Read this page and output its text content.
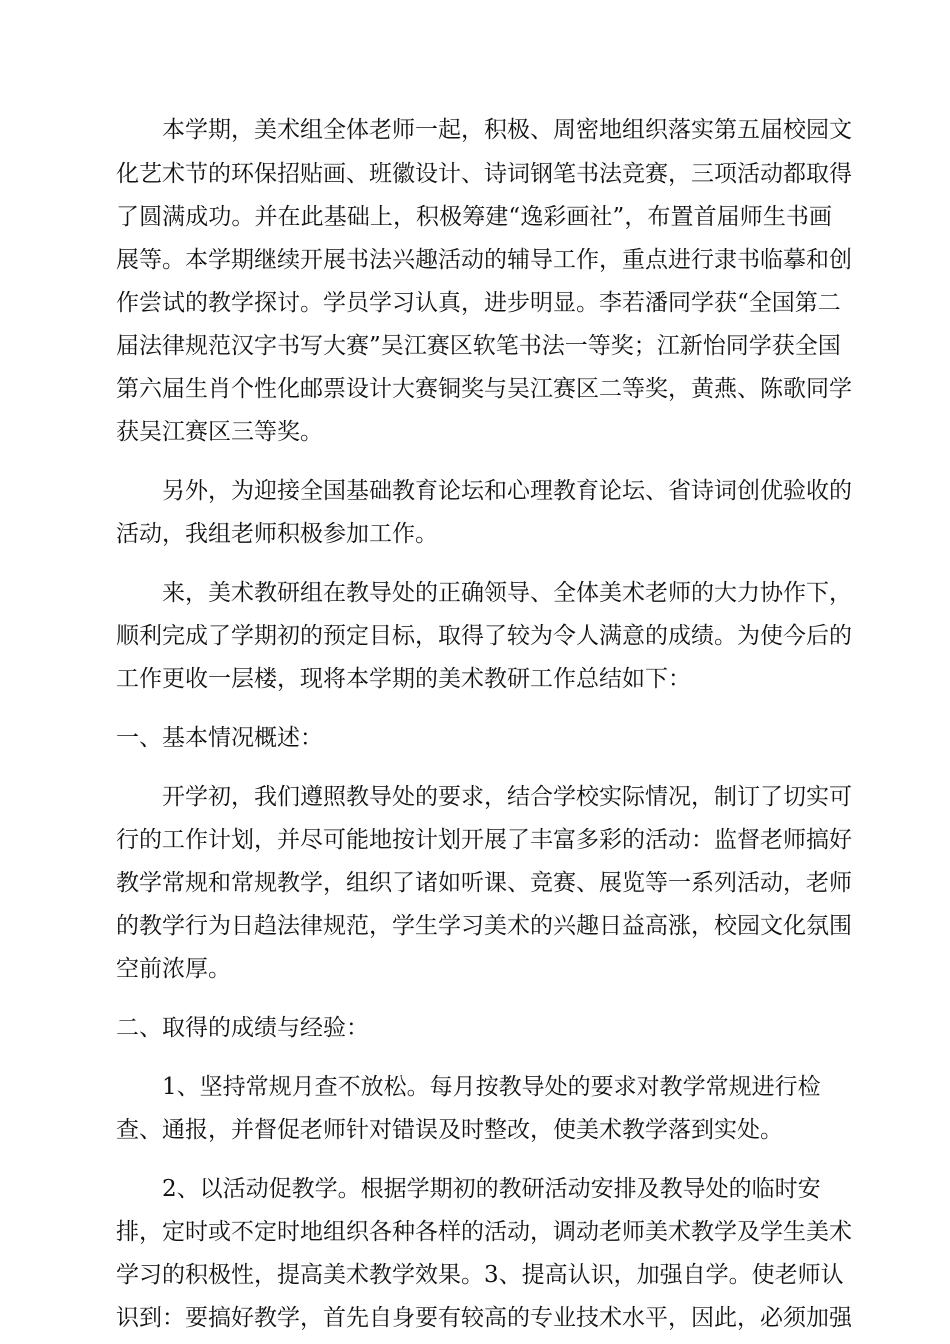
本学期，美术组全体老师一起，积极、周密地组织落实第五届校园文
化艺术节的环保招贴画、班徽设计、诗词钢笔书法竞赛，三项活动都取得
了圆满成功。并在此基础上，积极筹建“逸彩画社”，布置首届师生书画
展等。本学期继续开展书法兴趣活动的辅导工作，重点进行隶书临摹和创
作尝试的教学探讨。学员学习认真，进步明显。李若潘同学获“全国第二
届法律规范汉字书写大赛”吴江赛区软笔书法一等奖；江新怡同学获全国
第六届生肖个性化邮票设计大赛铜奖与吴江赛区二等奖，黄燕、陈歌同学
获吴江赛区三等奖。
另外，为迎接全国基础教育论坛和心理教育论坛、省诗词创优验收的
活动，我组老师积极参加工作。
来，美术教研组在教导处的正确领导、全体美术老师的大力协作下，
顺利完成了学期初的预定目标，取得了较为令人满意的成绩。为使今后的
工作更收一层楼，现将本学期的美术教研工作总结如下：
一、基本情况概述：
开学初，我们遵照教导处的要求，结合学校实际情况，制订了切实可
行的工作计划，并尽可能地按计划开展了丰富多彩的活动：监督老师搞好
教学常规和常规教学，组织了诸如听课、竞赛、展览等一系列活动，老师
的教学行为日趋法律规范，学生学习美术的兴趣日益高涨，校园文化氛围
空前浓厚。
二、取得的成绩与经验：
1、坚持常规月查不放松。每月按教导处的要求对教学常规进行检
查、通报，并督促老师针对错误及时整改，使美术教学落到实处。
2、以活动促教学。根据学期初的教研活动安排及教导处的临时安
排，定时或不定时地组织各种各样的活动，调动老师美术教学及学生美术
学习的积极性，提高美术教学效果。3、提高认识，加强自学。使老师认
识到：要搞好教学，首先自身要有较高的专业技术水平，因此，必须加强
